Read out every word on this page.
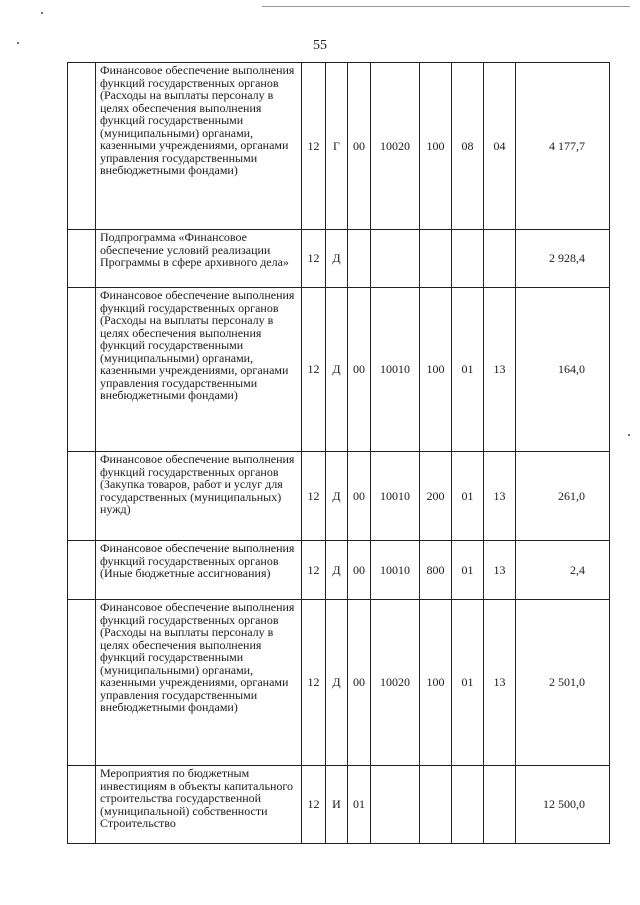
55
	Финансовое обеспечение выполнения функций государственных органов (Расходы на выплаты персоналу в целях обеспечения выполнения функций государственными (муниципальными) органами, казенными учреждениями, органами управления государственными внебюджетными фондами)	12	Г	00	10020	100	08	04	4 177,7
	Подпрограмма «Финансовое обеспечение условий реализации Программы в сфере архивного дела»	12	Д						2 928,4
	Финансовое обеспечение выполнения функций государственных органов (Расходы на выплаты персоналу в целях обеспечения выполнения функций государственными (муниципальными) органами, казенными учреждениями, органами управления государственными внебюджетными фондами)	12	Д	00	10010	100	01	13	164,0
	Финансовое обеспечение выполнения функций государственных органов (Закупка товаров, работ и услуг для государственных (муниципальных) нужд)	12	Д	00	10010	200	01	13	261,0
	Финансовое обеспечение выполнения функций государственных органов (Иные бюджетные ассигнования)	12	Д	00	10010	800	01	13	2,4
	Финансовое обеспечение выполнения функций государственных органов (Расходы на выплаты персоналу в целях обеспечения выполнения функций государственными (муниципальными) органами, казенными учреждениями, органами управления государственными внебюджетными фондами)	12	Д	00	10020	100	01	13	2 501,0
	Мероприятия по бюджетным инвестициям в объекты капитального строительства государственной (муниципальной) собственности Строительство	12	И	01					12 500,0
